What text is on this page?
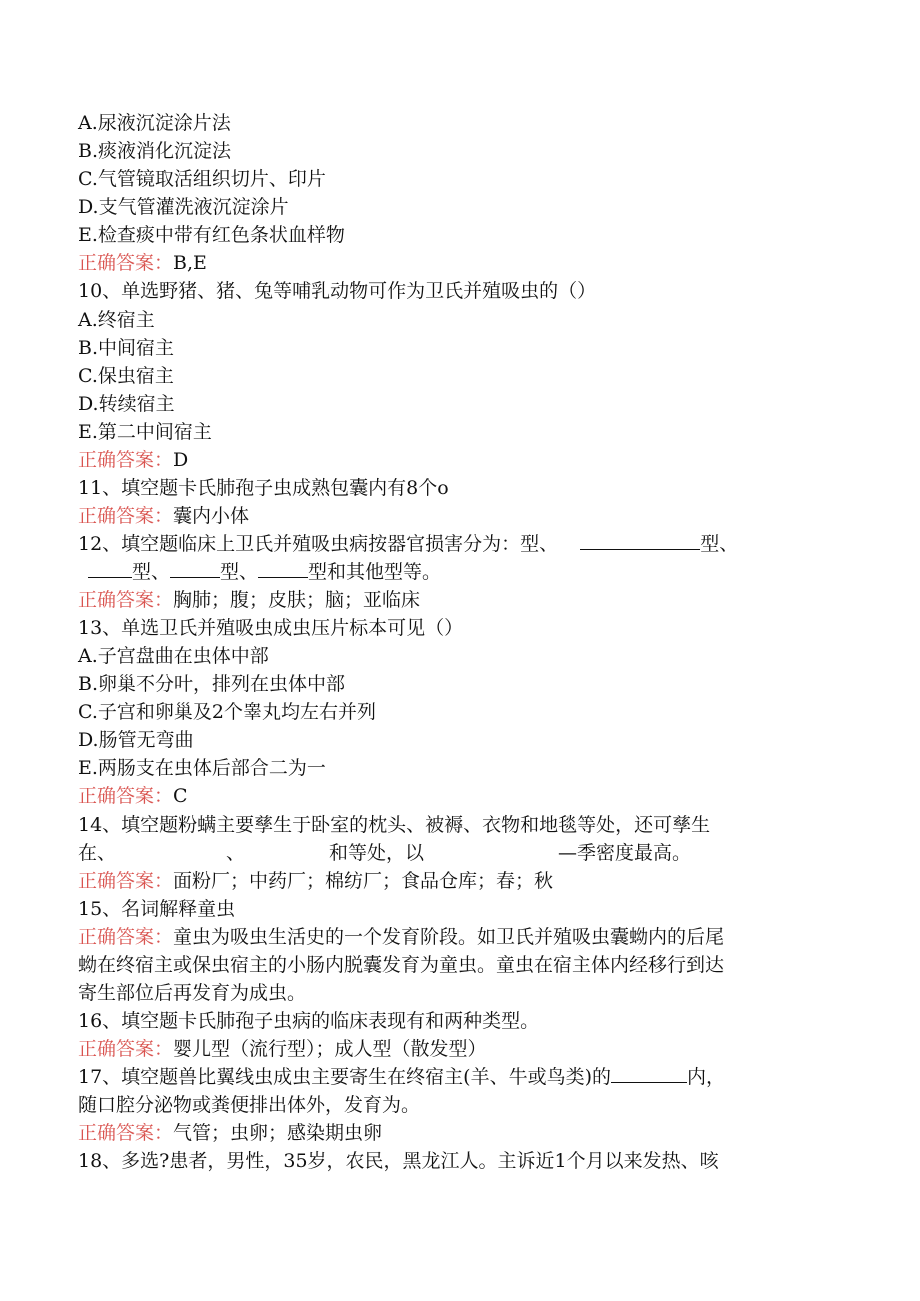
A.尿液沉淀涂片法
B.痰液消化沉淀法
C.气管镜取活组织切片、印片
D.支气管灌洗液沉淀涂片
E.检查痰中带有红色条状血样物
正确答案：B,E
10、单选野猪、猪、兔等哺乳动物可作为卫氏并殖吸虫的（）
A.终宿主
B.中间宿主
C.保虫宿主
D.转续宿主
E.第二中间宿主
正确答案：D
11、填空题卡氏肺孢子虫成熟包囊内有8个o
正确答案：囊内小体
12、填空题临床上卫氏并殖吸虫病按器官损害分为：型、	型、
型、	型、	型和其他型等。
正确答案：胸肺；腹；皮肤；脑；亚临床
13、单选卫氏并殖吸虫成虫压片标本可见（）
A.子宫盘曲在虫体中部
B.卵巢不分叶，排列在虫体中部
C.子宫和卵巢及2个睾丸均左右并列
D.肠管无弯曲
E.两肠支在虫体后部合二为一
正确答案：C
14、填空题粉螨主要孳生于卧室的枕头、被褥、衣物和地毯等处，还可孳生
在、	、	和等处，以	—季密度最高。
正确答案：面粉厂；中药厂；棉纺厂；食品仓库；春；秋
15、名词解释童虫
正确答案：童虫为吸虫生活史的一个发育阶段。如卫氏并殖吸虫囊蚴内的后尾
蚴在终宿主或保虫宿主的小肠内脱囊发育为童虫。童虫在宿主体内经移行到达
寄生部位后再发育为成虫。
16、填空题卡氏肺孢子虫病的临床表现有和两种类型。
正确答案：婴儿型（流行型）；成人型（散发型）
17、填空题兽比翼线虫成虫主要寄生在终宿主(羊、牛或鸟类)的	内，
随口腔分泌物或粪便排出体外，发育为。
正确答案：气管；虫卵；感染期虫卵
18、多选?患者，男性，35岁，农民，黑龙江人。主诉近1个月以来发热、咳
